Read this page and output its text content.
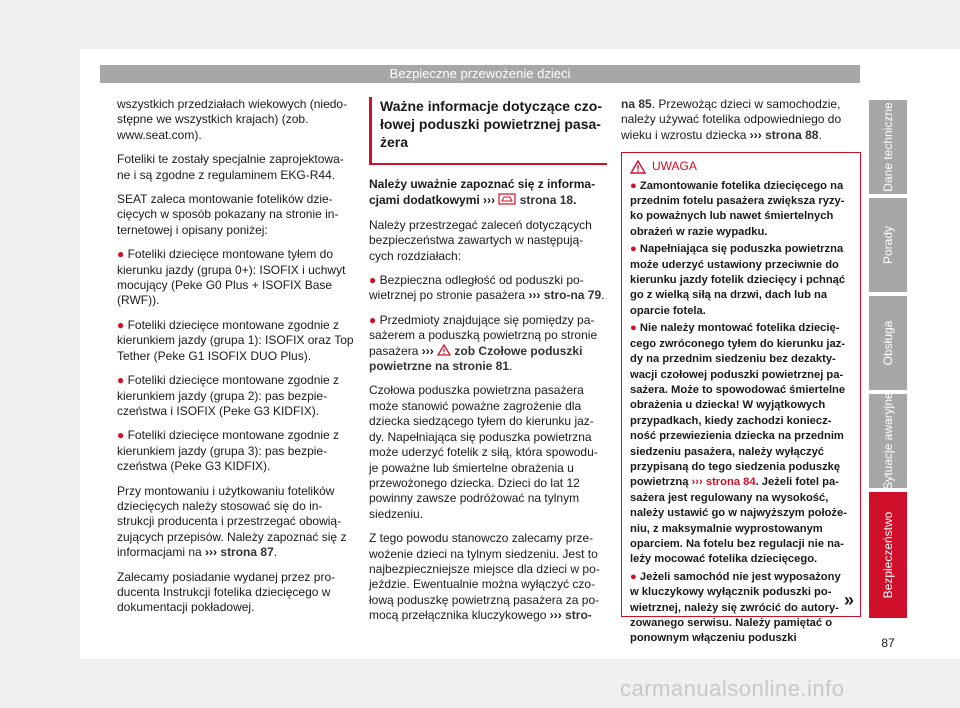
Bezpieczne przewożenie dzieci

wszystkich przedziałach wiekowych (niedo-stępne we wszystkich krajach) (zob. www.seat.com).

Foteliki te zostały specjalnie zaprojektowa-ne i są zgodne z regulaminem EKG-R44.

SEAT zaleca montowanie fotelików dzie-cięcych w sposób pokazany na stronie in-ternetowej i opisany poniżej:

● Foteliki dziecięce montowane tyłem do kierunku jazdy (grupa 0+): ISOFIX i uchwyt mocujący (Peke G0 Plus + ISOFIX Base (RWF)).

● Foteliki dziecięce montowane zgodnie z kierunkiem jazdy (grupa 1): ISOFIX oraz Top Tether (Peke G1 ISOFIX DUO Plus).

● Foteliki dziecięce montowane zgodnie z kierunkiem jazdy (grupa 2): pas bezpie-czeństwa i ISOFIX (Peke G3 KIDFIX).

● Foteliki dziecięce montowane zgodnie z kierunkiem jazdy (grupa 3): pas bezpie-czeństwa (Peke G3 KIDFIX).

Przy montowaniu i użytkowaniu fotelików dziecięcych należy stosować się do in-strukcji producenta i przestrzegać obowią-zujących przepisów. Należy zapoznać się z informacjami na ››› strona 87.

Zalecamy posiadanie wydanej przez pro-ducenta Instrukcji fotelika dziecięcego w dokumentacji pokładowej.

Ważne informacje dotyczące czo-łowej poduszki powietrznej pasa-żera

Należy uważnie zapoznać się z informa-cjami dodatkowymi ››› strona 18.

Należy przestrzegać zaleceń dotyczących bezpieczeństwa zawartych w następują-cych rozdziałach:

● Bezpieczna odległość od poduszki po-wietrznej po stronie pasażera ››› stro-na 79.

● Przedmioty znajdujące się pomiędzy pa-sażerem a poduszką powietrzną po stronie pasażera ››› zob Czołowe poduszki powietrzne na stronie 81.

Czołowa poduszka powietrzna pasażera może stanowić poważne zagrożenie dla dziecka siedzącego tyłem do kierunku jaz-dy. Napełniająca się poduszka powietrzna może uderzyć fotelik z siłą, która spowodu-je poważne lub śmiertelne obrażenia u przewożonego dziecka. Dzieci do lat 12 powinny zawsze podróżować na tylnym siedzeniu.

Z tego powodu stanowczo zalecamy prze-wożenie dzieci na tylnym siedzeniu. Jest to najbezpieczniejsze miejsce dla dzieci w po-jeździe. Ewentualnie można wyłączyć czo-łową poduszkę powietrzną pasażera za po-mocą przełącznika kluczykowego ››› stro-

na 85. Przewożąc dzieci w samochodzie, należy używać fotelika odpowiedniego do wieku i wzrostu dziecka ››› strona 88.

UWAGA

● Zamontowanie fotelika dziecięcego na przednim fotelu pasażera zwiększa ryzy-ko poważnych lub nawet śmiertelnych obrażeń w razie wypadku.

● Napełniająca się poduszka powietrzna może uderzyć ustawiony przeciwnie do kierunku jazdy fotelik dziecięcy i pchnąć go z wielką siłą na drzwi, dach lub na oparcie fotela.

● Nie należy montować fotelika dziecię-cego zwróconego tyłem do kierunku jaz-dy na przednim siedzeniu bez dezakty-wacji czołowej poduszki powietrznej pa-sażera. Może to spowodować śmiertelne obrażenia u dziecka! W wyjątkowych przypadkach, kiedy zachodzi koniecz-ność przewiezienia dziecka na przednim siedzeniu pasażera, należy wyłączyć przypisaną do tego siedzenia poduszkę powietrzną ››› strona 84. Jeżeli fotel pa-sażera jest regulowany na wysokość, należy ustawić go w najwyższym położe-niu, z maksymalnie wyprostowanym oparciem. Na fotelu bez regulacji nie na-leży mocować fotelika dziecięcego.

● Jeżeli samochód nie jest wyposażony w kluczykowy wyłącznik poduszki po-wietrznej, należy się zwrócić do autory-zowanego serwisu. Należy pamiętać o ponownym włączeniu poduszki

»
Dane techniczne
Porady
Obsługa
Sytuacje awaryjne
Bezpieczeństwo
87
carmanualsonline.info
